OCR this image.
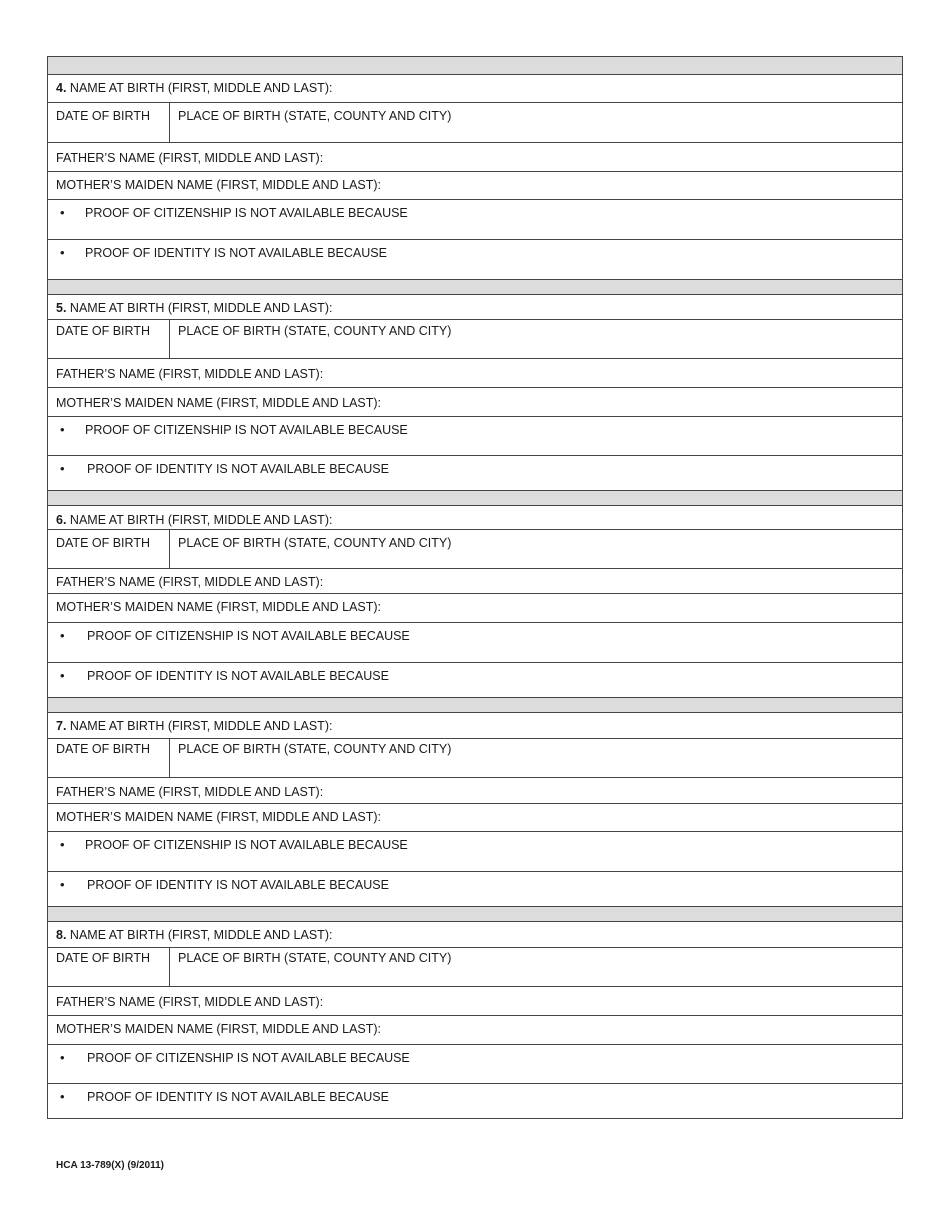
4. NAME AT BIRTH (FIRST, MIDDLE AND LAST):
DATE OF BIRTH PLACE OF BIRTH (STATE, COUNTY AND CITY)
FATHER’S NAME (FIRST, MIDDLE AND LAST):
MOTHER’S MAIDEN NAME (FIRST, MIDDLE AND LAST):
• PROOF OF CITIZENSHIP IS NOT AVAILABLE BECAUSE
• PROOF OF IDENTITY IS NOT AVAILABLE BECAUSE
5. NAME AT BIRTH (FIRST, MIDDLE AND LAST):
DATE OF BIRTH PLACE OF BIRTH (STATE, COUNTY AND CITY)
FATHER’S NAME (FIRST, MIDDLE AND LAST):
MOTHER’S MAIDEN NAME (FIRST, MIDDLE AND LAST):
• PROOF OF CITIZENSHIP IS NOT AVAILABLE BECAUSE
• PROOF OF IDENTITY IS NOT AVAILABLE BECAUSE
6. NAME AT BIRTH (FIRST, MIDDLE AND LAST):
DATE OF BIRTH PLACE OF BIRTH (STATE, COUNTY AND CITY)
FATHER’S NAME (FIRST, MIDDLE AND LAST):
MOTHER’S MAIDEN NAME (FIRST, MIDDLE AND LAST):
• PROOF OF CITIZENSHIP IS NOT AVAILABLE BECAUSE
• PROOF OF IDENTITY IS NOT AVAILABLE BECAUSE
7. NAME AT BIRTH (FIRST, MIDDLE AND LAST):
DATE OF BIRTH PLACE OF BIRTH (STATE, COUNTY AND CITY)
FATHER’S NAME (FIRST, MIDDLE AND LAST):
MOTHER’S MAIDEN NAME (FIRST, MIDDLE AND LAST):
• PROOF OF CITIZENSHIP IS NOT AVAILABLE BECAUSE
• PROOF OF IDENTITY IS NOT AVAILABLE BECAUSE
8. NAME AT BIRTH (FIRST, MIDDLE AND LAST):
DATE OF BIRTH PLACE OF BIRTH (STATE, COUNTY AND CITY)
FATHER’S NAME (FIRST, MIDDLE AND LAST):
MOTHER’S MAIDEN NAME (FIRST, MIDDLE AND LAST):
• PROOF OF CITIZENSHIP IS NOT AVAILABLE BECAUSE
• PROOF OF IDENTITY IS NOT AVAILABLE BECAUSE
HCA 13-789(X) (9/2011)
